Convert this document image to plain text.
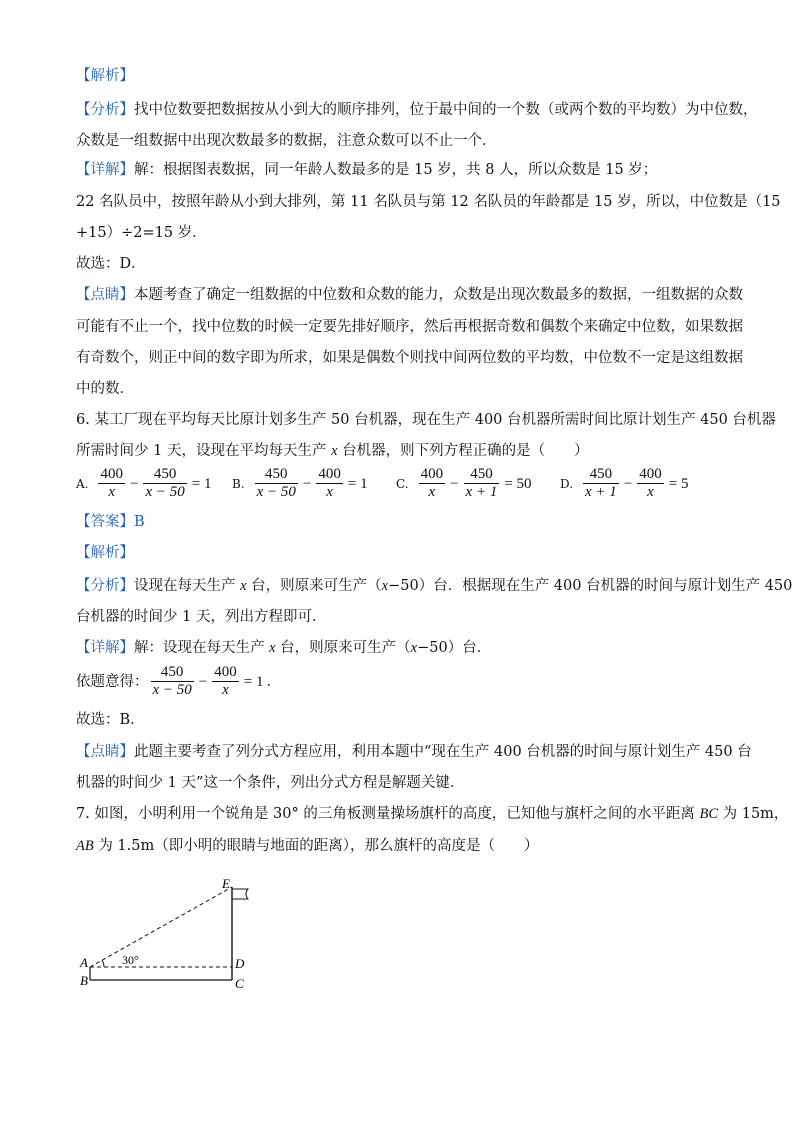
【解析】
【分析】找中位数要把数据按从小到大的顺序排列，位于最中间的一个数（或两个数的平均数）为中位数，
众数是一组数据中出现次数最多的数据，注意众数可以不止一个．
【详解】解：根据图表数据，同一年龄人数最多的是 15 岁，共 8 人，所以众数是 15 岁；
22 名队员中，按照年龄从小到大排列，第 11 名队员与第 12 名队员的年龄都是 15 岁，所以，中位数是（15
+15）÷2=15 岁．
故选：D．
【点睛】本题考查了确定一组数据的中位数和众数的能力，众数是出现次数最多的数据，一组数据的众数
可能有不止一个，找中位数的时候一定要先排好顺序，然后再根据奇数和偶数个来确定中位数，如果数据
有奇数个，则正中间的数字即为所求，如果是偶数个则找中间两位数的平均数，中位数不一定是这组数据
中的数．
6. 某工厂现在平均每天比原计划多生产 50 台机器，现在生产 400 台机器所需时间比原计划生产 450 台机器
所需时间少 1 天，设现在平均每天生产 x 台机器，则下列方程正确的是（　　）
A. $\frac{400}{x} - \frac{450}{x - 50} = 1$ B. $\frac{450}{x - 50} - \frac{400}{x} = 1$ C. $\frac{400}{x} - \frac{450}{x + 1} = 50$ D. $\frac{450}{x + 1} - \frac{400}{x} = 5$
【答案】B
【解析】
【分析】设现在每天生产 x 台，则原来可生产（x−50）台．根据现在生产 400 台机器的时间与原计划生产 450
台机器的时间少 1 天，列出方程即可．
【详解】解：设现在每天生产 x 台，则原来可生产（x−50）台．
依题意得： $\frac{450}{x - 50} - \frac{400}{x} = 1$ ．
故选：B．
【点睛】此题主要考查了列分式方程应用，利用本题中“现在生产 400 台机器的时间与原计划生产 450 台
机器的时间少 1 天”这一个条件，列出分式方程是解题关键．
7. 如图，小明利用一个锐角是 30° 的三角板测量操场旗杆的高度，已知他与旗杆之间的水平距离 BC 为 15m，
AB 为 1.5m（即小明的眼睛与地面的距离），那么旗杆的高度是（　　）
A
B	C
D
E
30°
